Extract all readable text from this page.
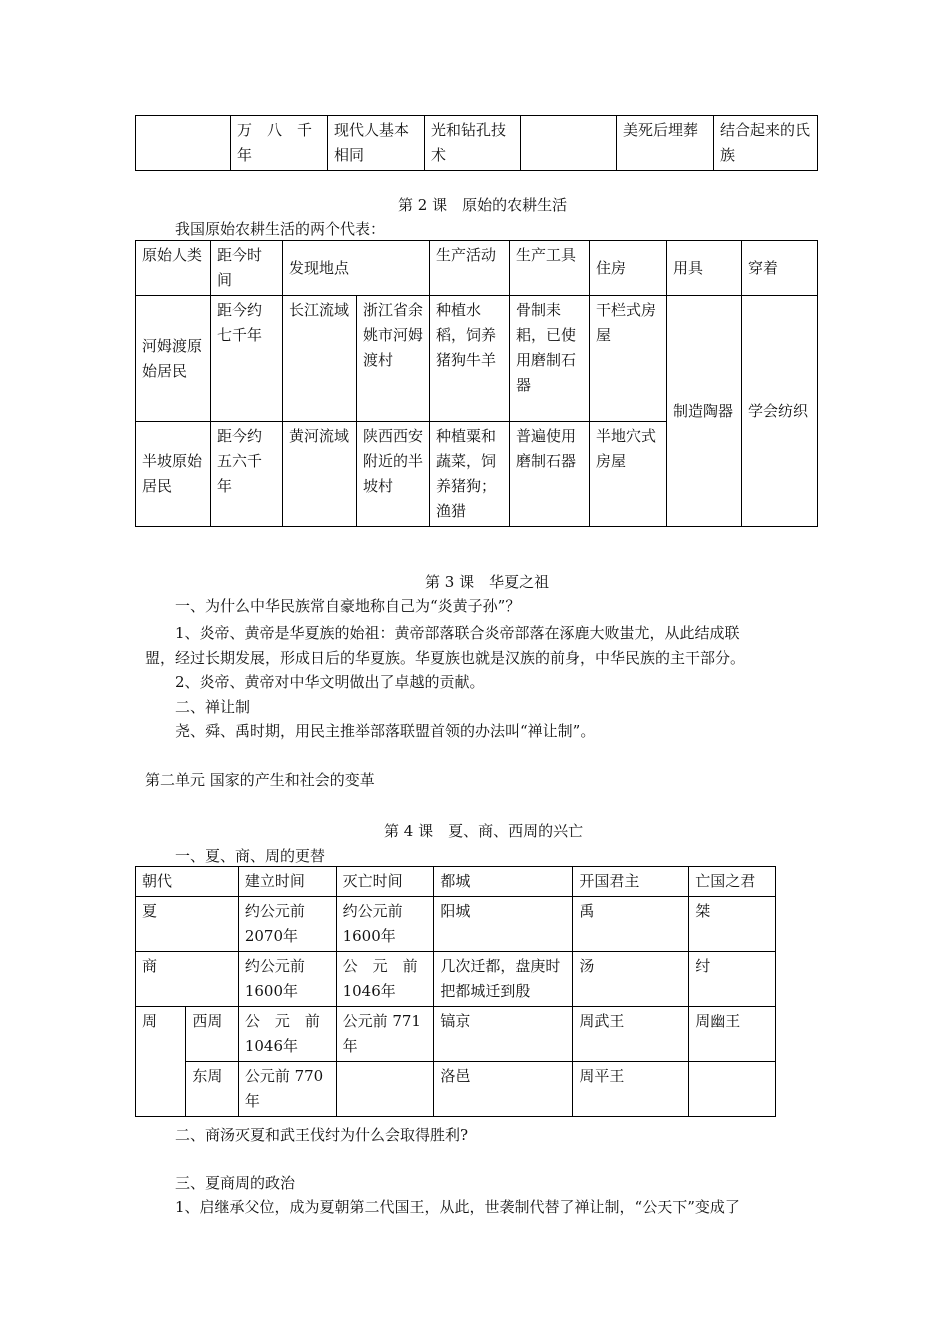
	万　八　千年	现代人基本相同	光和钻孔技术		美死后埋葬	结合起来的氏族
第 2 课　原始的农耕生活
我国原始农耕生活的两个代表：
原始人类	距今时间	发现地点		生产活动	生产工具	住房	用具	穿着
河姆渡原始居民	距今约七千年	长江流域	浙江省余姚市河姆渡村	种植水稻，饲养猪狗牛羊	骨制耒耜，已使用磨制石器	干栏式房屋	制造陶器	学会纺织
半坡原始居民	距今约五六千年	黄河流域	陕西西安附近的半坡村	种植粟和蔬菜，饲养猪狗；渔猎	普遍使用磨制石器	半地穴式房屋		
第 3 课　华夏之祖
一、为什么中华民族常自豪地称自己为“炎黄子孙”？
1、炎帝、黄帝是华夏族的始祖：黄帝部落联合炎帝部落在涿鹿大败蚩尤，从此结成联
盟，经过长期发展，形成日后的华夏族。华夏族也就是汉族的前身，中华民族的主干部分。
2、炎帝、黄帝对中华文明做出了卓越的贡献。
二、禅让制
尧、舜、禹时期，用民主推举部落联盟首领的办法叫“禅让制”。
第二单元 国家的产生和社会的变革
第 4 课　夏、商、西周的兴亡
一、夏、商、周的更替
朝代		建立时间	灭亡时间	都城	开国君主	亡国之君
夏		约公元前2070年	约公元前1600年	阳城	禹	桀
商		约公元前1600年	公　元　前1046年	几次迁都，盘庚时把都城迁到殷	汤	纣
周	西周	公　元　前1046年	公元前 771年	镐京	周武王	周幽王
	东周	公元前 770年		洛邑	周平王	
二、商汤灭夏和武王伐纣为什么会取得胜利?
三、夏商周的政治
1、启继承父位，成为夏朝第二代国王，从此，世袭制代替了禅让制，“公天下”变成了
